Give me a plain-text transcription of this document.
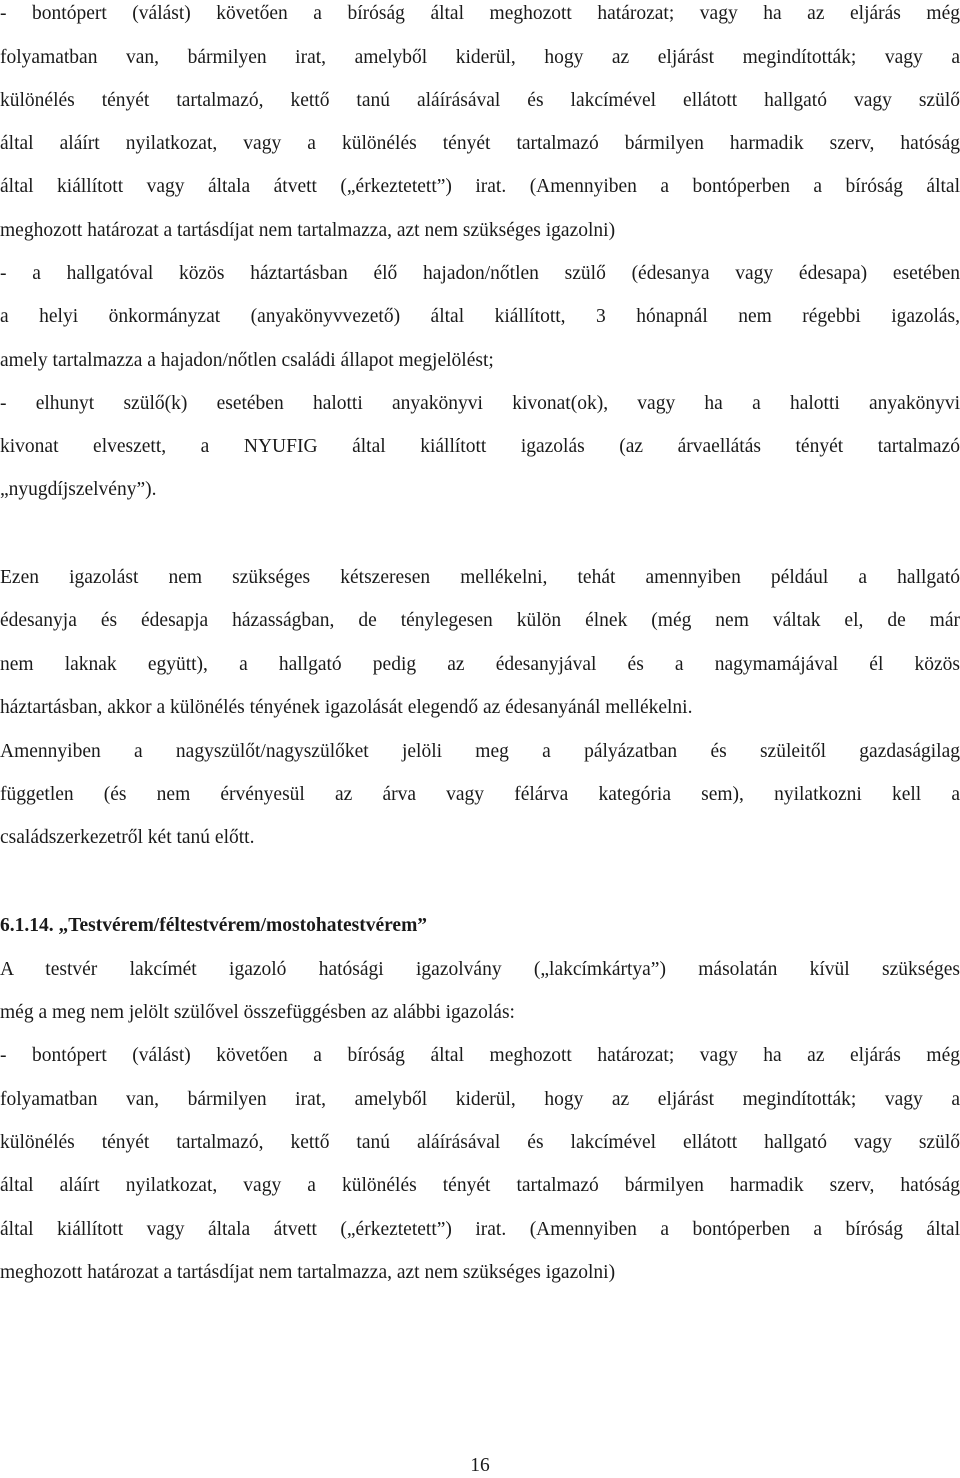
- bontópert (válást) követően a bíróság által meghozott határozat; vagy ha az eljárás még
folyamatban van, bármilyen irat, amelyből kiderül, hogy az eljárást megindították; vagy a
különélés tényét tartalmazó, kettő tanú aláírásával és lakcímével ellátott hallgató vagy szülő
által aláírt nyilatkozat, vagy a különélés tényét tartalmazó bármilyen harmadik szerv, hatóság
által kiállított vagy általa átvett („érkeztetett”) irat. (Amennyiben a bontóperben a bíróság által
meghozott határozat a tartásdíjat nem tartalmazza, azt nem szükséges igazolni)
- a hallgatóval közös háztartásban élő hajadon/nőtlen szülő (édesanya vagy édesapa) esetében
a helyi önkormányzat (anyakönyvvezető) által kiállított, 3 hónapnál nem régebbi igazolás,
amely tartalmazza a hajadon/nőtlen családi állapot megjelölést;
- elhunyt szülő(k) esetében halotti anyakönyvi kivonat(ok), vagy ha a halotti anyakönyvi
kivonat elveszett, a NYUFIG által kiállított igazolás (az árvaellátás tényét tartalmazó
„nyugdíjszelvény”).
Ezen igazolást nem szükséges kétszeresen mellékelni, tehát amennyiben például a hallgató
édesanyja és édesapja házasságban, de ténylegesen külön élnek (még nem váltak el, de már
nem laknak együtt), a hallgató pedig az édesanyjával és a nagymamájával él közös
háztartásban, akkor a különélés tényének igazolását elegendő az édesanyánál mellékelni.
Amennyiben a nagyszülőt/nagyszülőket jelöli meg a pályázatban és szüleitől gazdaságilag
független (és nem érvényesül az árva vagy félárva kategória sem), nyilatkozni kell a
családszerkezetről két tanú előtt.
6.1.14. „Testvérem/féltestvérem/mostohatestvérem”
A testvér lakcímét igazoló hatósági igazolvány („lakcímkártya”) másolatán kívül szükséges
még a meg nem jelölt szülővel összefüggésben az alábbi igazolás:
- bontópert (válást) követően a bíróság által meghozott határozat; vagy ha az eljárás még
folyamatban van, bármilyen irat, amelyből kiderül, hogy az eljárást megindították; vagy a
különélés tényét tartalmazó, kettő tanú aláírásával és lakcímével ellátott hallgató vagy szülő
által aláírt nyilatkozat, vagy a különélés tényét tartalmazó bármilyen harmadik szerv, hatóság
által kiállított vagy általa átvett („érkeztetett”) irat. (Amennyiben a bontóperben a bíróság által
meghozott határozat a tartásdíjat nem tartalmazza, azt nem szükséges igazolni)
16
